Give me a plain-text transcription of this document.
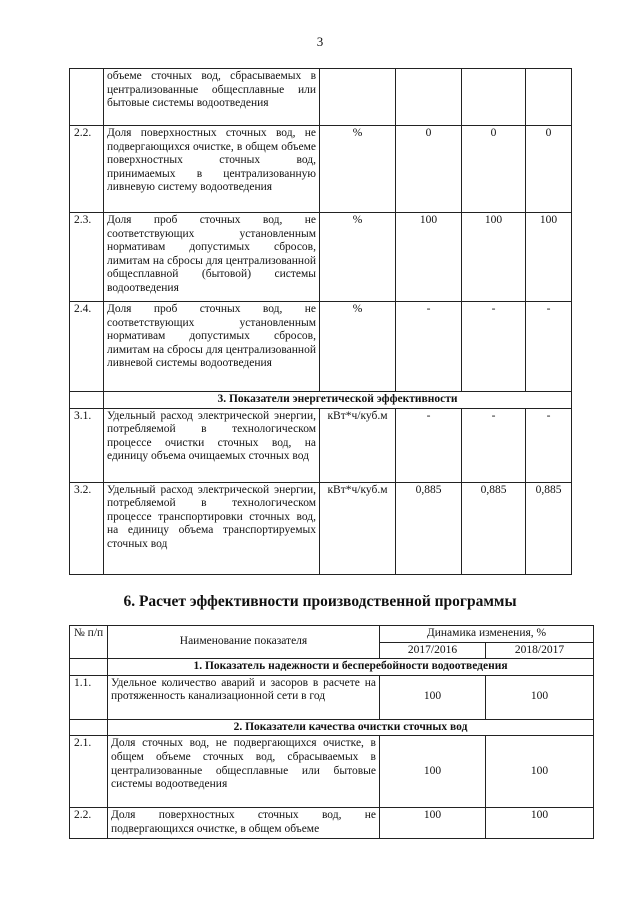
3
	объеме сточных вод, сбрасываемых в централизованные общесплавные или бытовые системы водоотведения				
2.2.	Доля поверхностных сточных вод, не подвергающихся очистке, в общем объеме поверхностных сточных вод, принимаемых в централизованную ливневую систему водоотведения	%	0	0	0
2.3.	Доля проб сточных вод, не соответствующих установленным нормативам допустимых сбросов, лимитам на сбросы для централизованной общесплавной (бытовой) системы водоотведения	%	100	100	100
2.4.	Доля проб сточных вод, не соответствующих установленным нормативам допустимых сбросов, лимитам на сбросы для централизованной ливневой системы водоотведения	%	-	-	-
	3. Показатели энергетической эффективности				
3.1.	Удельный расход электрической энергии, потребляемой в технологическом процессе очистки сточных вод, на единицу объема очищаемых сточных вод	кВт*ч/куб.м	-	-	-
3.2.	Удельный расход электрической энергии, потребляемой в технологическом процессе транспортировки сточных вод, на единицу объема транспортируемых сточных вод	кВт*ч/куб.м	0,885	0,885	0,885
6. Расчет эффективности производственной программы
№ п/п	Наименование показателя	Динамика изменения, %	
		2017/2016	2018/2017
	1. Показатель надежности и бесперебойности водоотведения		
1.1.	Удельное количество аварий и засоров в расчете на протяженность канализационной сети в год	100	100
	2. Показатели качества очистки сточных вод		
2.1.	Доля сточных вод, не подвергающихся очистке, в общем объеме сточных вод, сбрасываемых в централизованные общесплавные или бытовые системы водоотведения	100	100
2.2.	Доля поверхностных сточных вод, не подвергающихся очистке, в общем объеме	100	100
